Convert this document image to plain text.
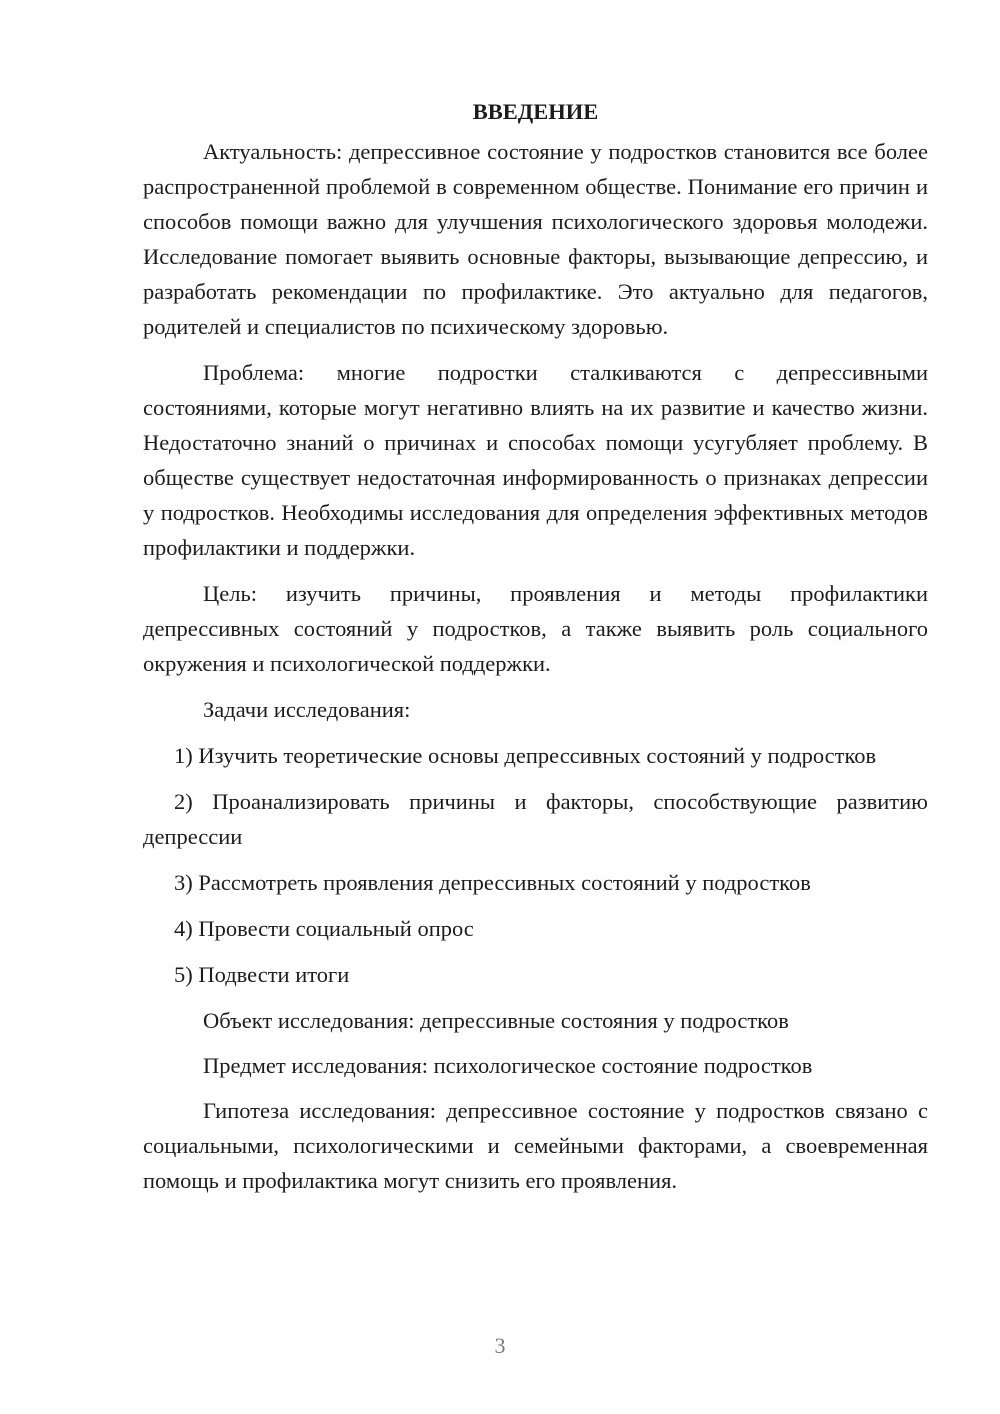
ВВЕДЕНИЕ

Актуальность: депрессивное состояние у подростков становится все более распространенной проблемой в современном обществе. Понимание его причин и способов помощи важно для улучшения психологического здоровья молодежи. Исследование помогает выявить основные факторы, вызывающие депрессию, и разработать рекомендации по профилактике. Это актуально для педагогов, родителей и специалистов по психическому здоровью.

Проблема: многие подростки сталкиваются с депрессивными состояниями, которые могут негативно влиять на их развитие и качество жизни. Недостаточно знаний о причинах и способах помощи усугубляет проблему. В обществе существует недостаточная информированность о признаках депрессии у подростков. Необходимы исследования для определения эффективных методов профилактики и поддержки.

Цель: изучить причины, проявления и методы профилактики депрессивных состояний у подростков, а также выявить роль социального окружения и психологической поддержки.

Задачи исследования:

1) Изучить теоретические основы депрессивных состояний у подростков

2) Проанализировать причины и факторы, способствующие развитию депрессии

3) Рассмотреть проявления депрессивных состояний у подростков

4) Провести социальный опрос

5) Подвести итоги

Объект исследования: депрессивные состояния у подростков

Предмет исследования: психологическое состояние подростков

Гипотеза исследования: депрессивное состояние у подростков связано с социальными, психологическими и семейными факторами, а своевременная помощь и профилактика могут снизить его проявления.

3
